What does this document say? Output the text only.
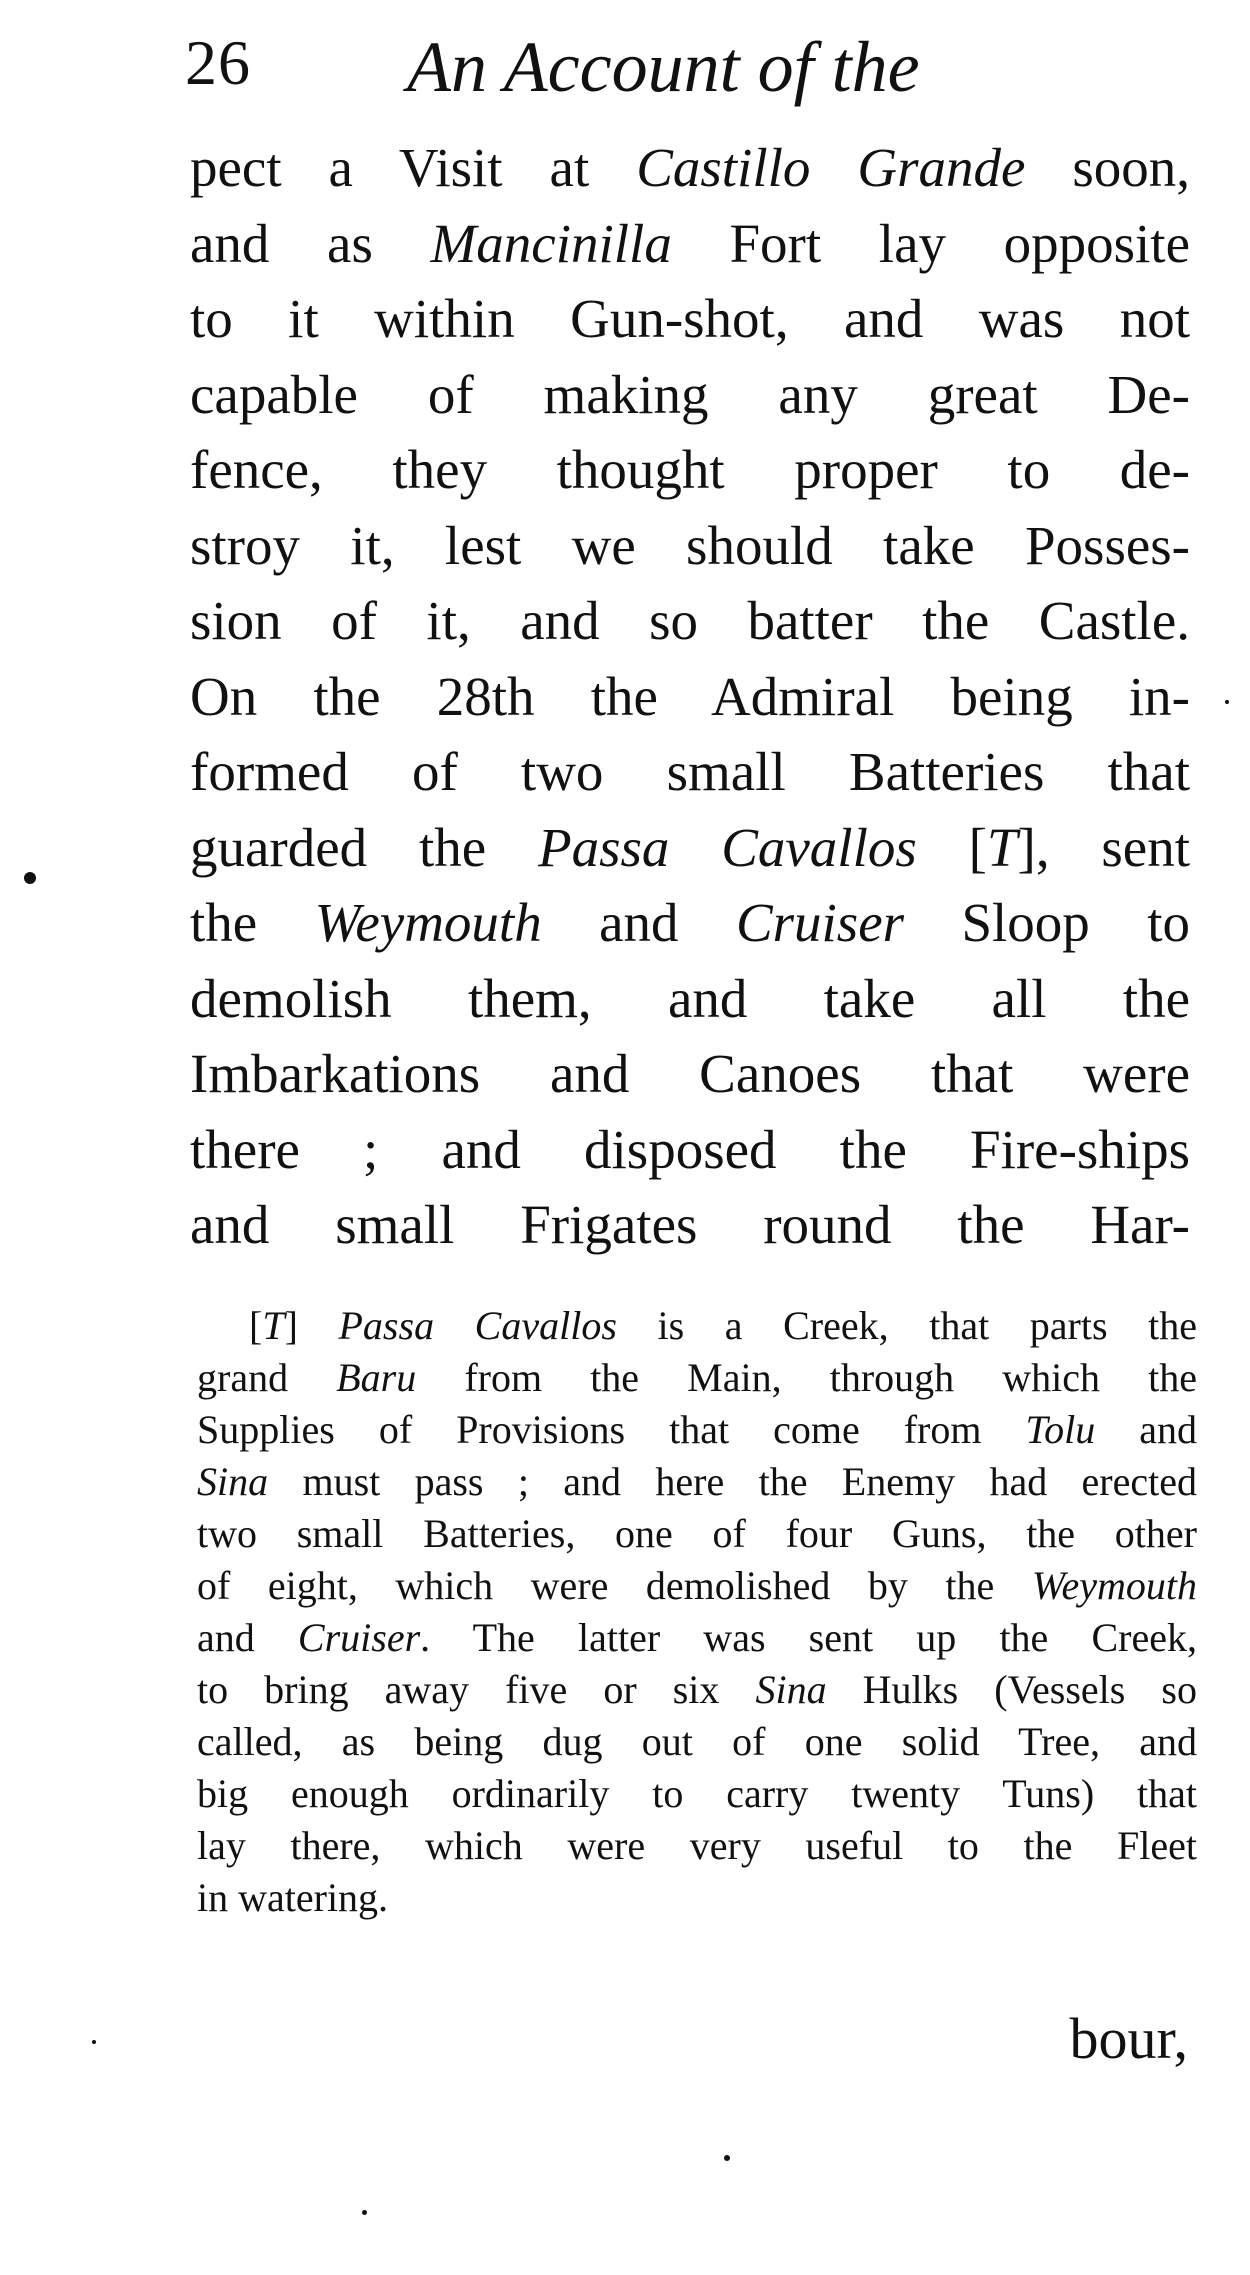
26 An Account of the
pect a Visit at Castillo Grande soon,
and as Mancinilla Fort lay opposite
to it within Gun-shot, and was not
capable of making any great De-
fence, they thought proper to de-
stroy it, lest we should take Posses-
sion of it, and so batter the Castle.
On the 28th the Admiral being in-
formed of two small Batteries that
guarded the Passa Cavallos [T], sent
the Weymouth and Cruiser Sloop to
demolish them, and take all the
Imbarkations and Canoes that were
there ; and disposed the Fire-ships
and small Frigates round the Har-
[T] Passa Cavallos is a Creek, that parts the
grand Baru from the Main, through which the
Supplies of Provisions that come from Tolu and
Sina must pass ; and here the Enemy had erected
two small Batteries, one of four Guns, the other
of eight, which were demolished by the Weymouth
and Cruiser. The latter was sent up the Creek,
to bring away five or six Sina Hulks (Vessels so
called, as being dug out of one solid Tree, and
big enough ordinarily to carry twenty Tuns) that
lay there, which were very useful to the Fleet
in watering.
bour,
